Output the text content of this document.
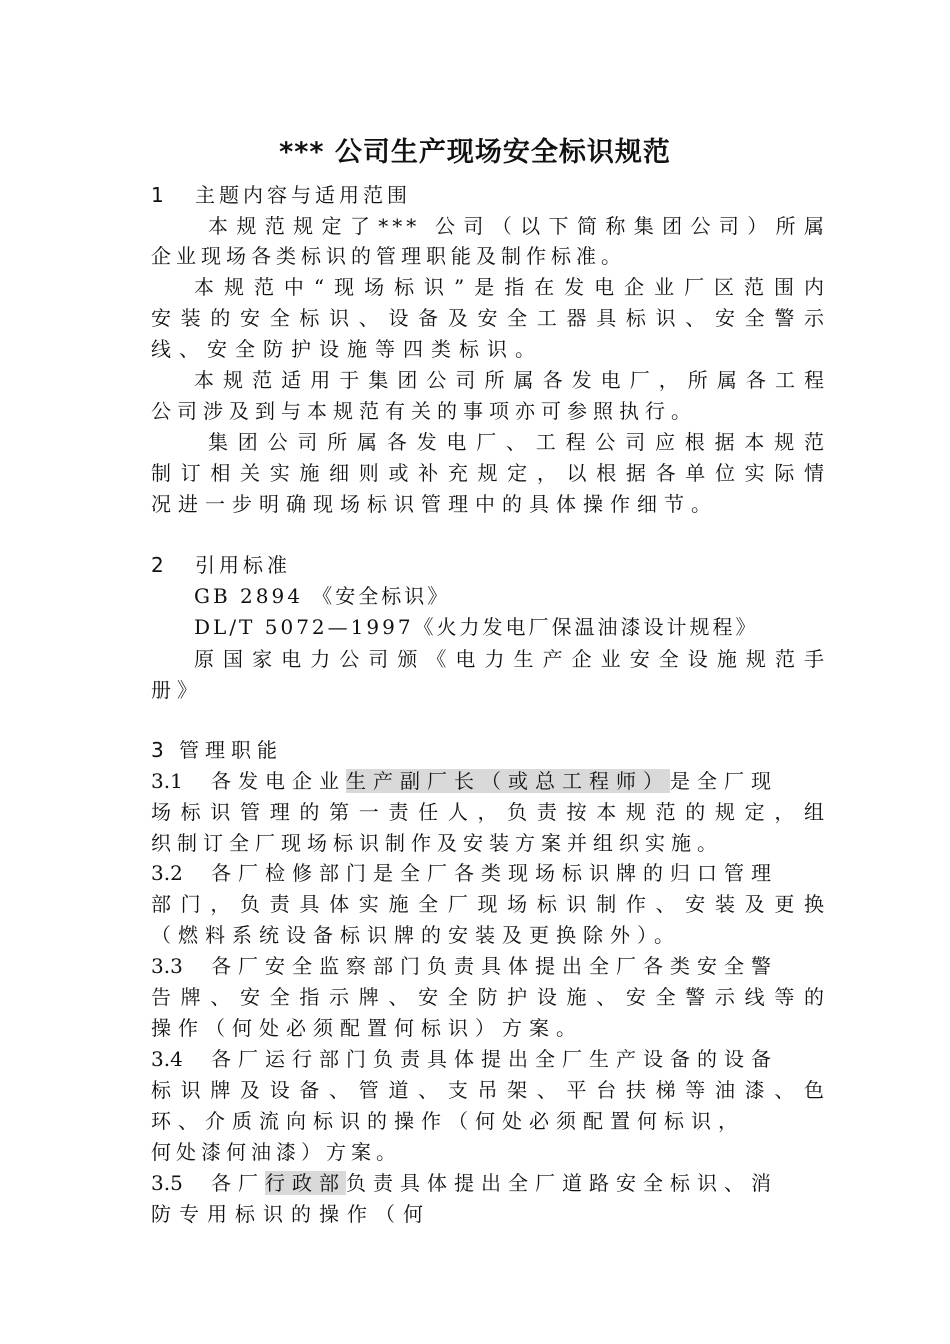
*** 公司生产现场安全标识规范
1 主题内容与适用范围
本规范规定了*** 公司（以下简称集团公司）所属
企业现场各类标识的管理职能及制作标准。
本规范中“现场标识”是指在发电企业厂区范围内
安装的安全标识、设备及安全工器具标识、安全警示
线、安全防护设施等四类标识。
本规范适用于集团公司所属各发电厂，所属各工程
公司涉及到与本规范有关的事项亦可参照执行。
集团公司所属各发电厂、工程公司应根据本规范
制订相关实施细则或补充规定，以根据各单位实际情
况进一步明确现场标识管理中的具体操作细节。
2 引用标准
GB 2894 《安全标识》
DL/T 5072—1997《火力发电厂保温油漆设计规程》
原国家电力公司颁《电力生产企业安全设施规范手
册》
3 管理职能
3.1 各发电企业生产副厂长（或总工程师）是全厂现
场标识管理的第一责任人，负责按本规范的规定，组
织制订全厂现场标识制作及安装方案并组织实施。
3.2 各厂检修部门是全厂各类现场标识牌的归口管理
部门，负责具体实施全厂现场标识制作、安装及更换
（燃料系统设备标识牌的安装及更换除外）。
3.3 各厂安全监察部门负责具体提出全厂各类安全警
告牌、安全指示牌、安全防护设施、安全警示线等的
操作（何处必须配置何标识）方案。
3.4 各厂运行部门负责具体提出全厂生产设备的设备
标识牌及设备、管道、支吊架、平台扶梯等油漆、色
环、介质流向标识的操作（何处必须配置何标识，
何处漆何油漆）方案。
3.5 各厂行政部负责具体提出全厂道路安全标识、消
防专用标识的操作（何
